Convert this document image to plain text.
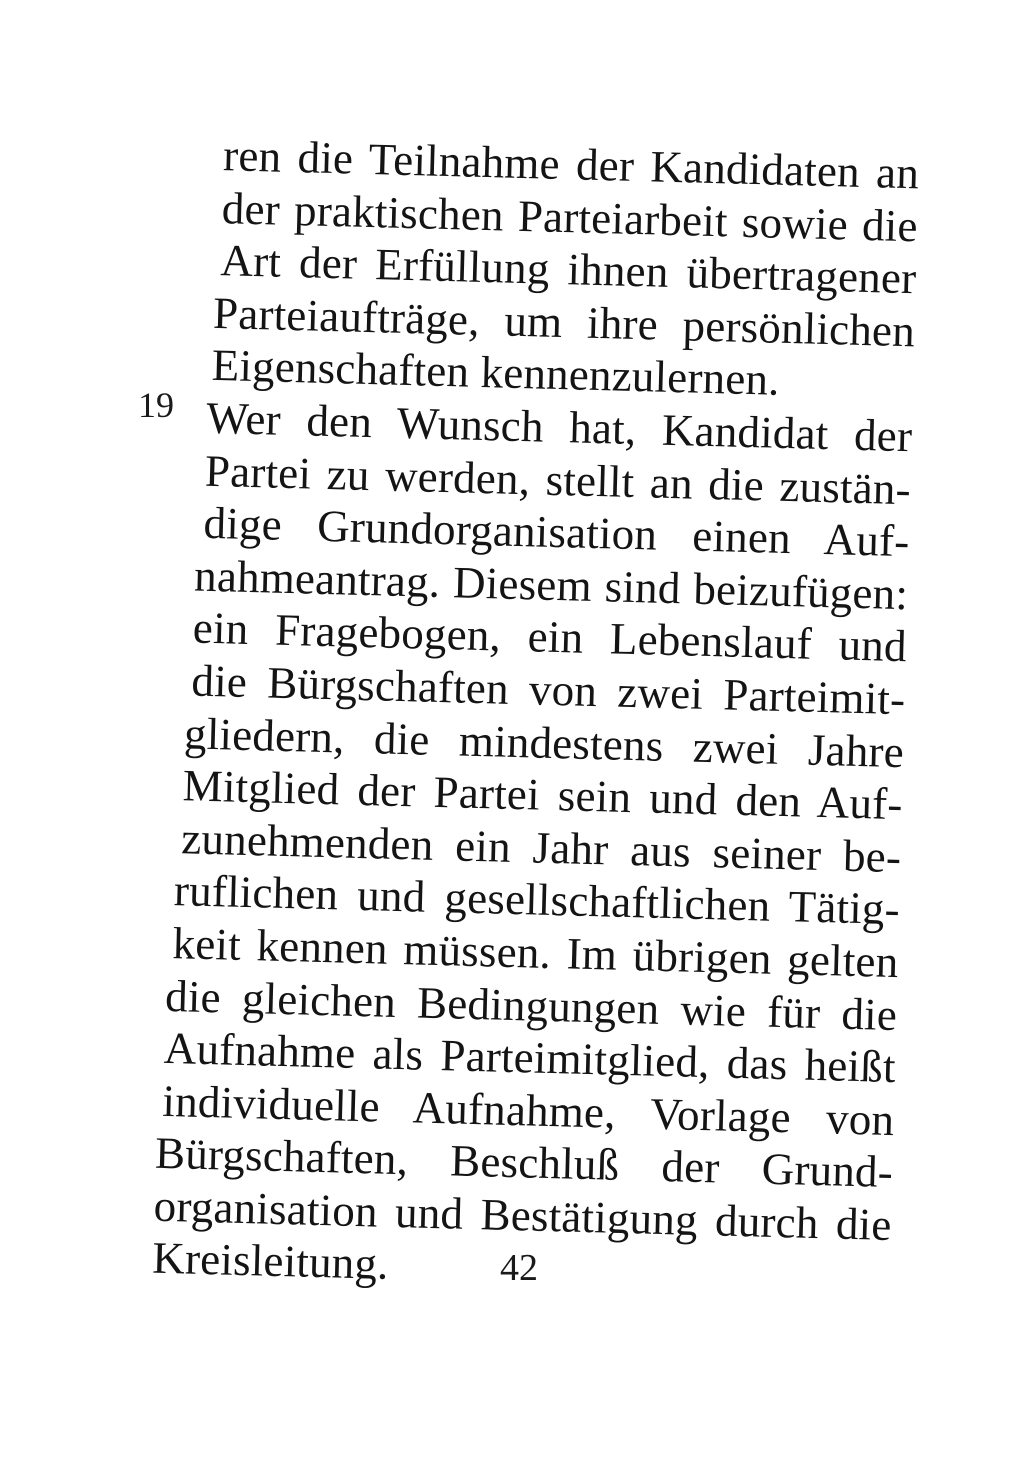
ren die Teilnahme der Kandidaten an
der praktischen Parteiarbeit sowie die
Art der Erfüllung ihnen übertragener
Parteiaufträge, um ihre persönlichen
Eigenschaften kennenzulernen.
Wer den Wunsch hat, Kandidat der
Partei zu werden, stellt an die zustän-
dige Grundorganisation einen Auf-
nahmeantrag. Diesem sind beizufügen:
ein Fragebogen, ein Lebenslauf und
die Bürgschaften von zwei Parteimit-
gliedern, die mindestens zwei Jahre
Mitglied der Partei sein und den Auf-
zunehmenden ein Jahr aus seiner be-
ruflichen und gesellschaftlichen Tätig-
keit kennen müssen. Im übrigen gelten
die gleichen Bedingungen wie für die
Aufnahme als Parteimitglied, das heißt
individuelle Aufnahme, Vorlage von
Bürgschaften, Beschluß der Grund-
organisation und Bestätigung durch die
Kreisleitung.
19
42
